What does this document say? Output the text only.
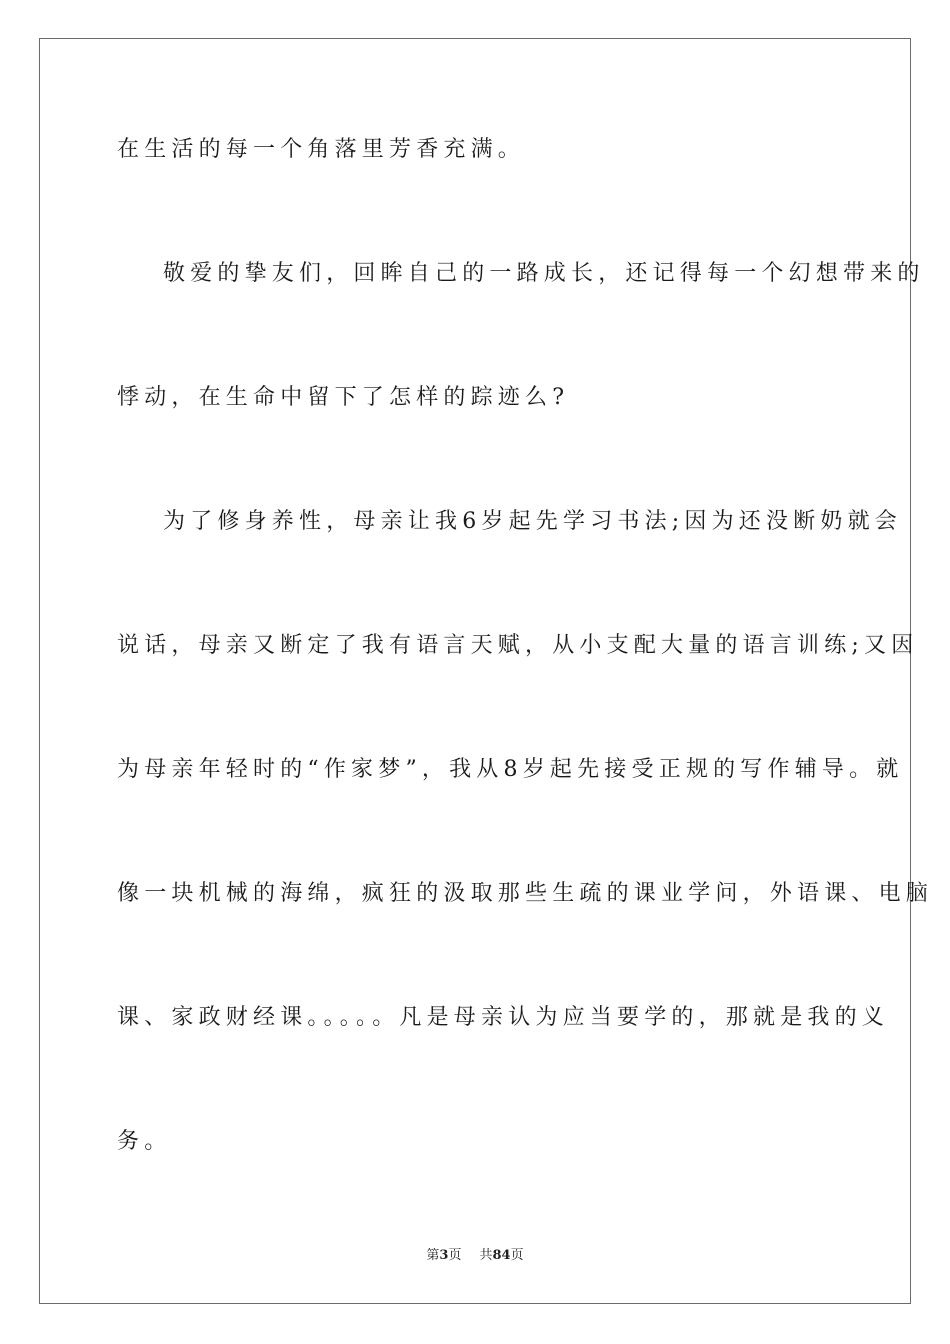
在生活的每一个角落里芳香充满。
敬爱的挚友们，回眸自己的一路成长，还记得每一个幻想带来的
悸动，在生命中留下了怎样的踪迹么?
为了修身养性，母亲让我6岁起先学习书法;因为还没断奶就会
说话，母亲又断定了我有语言天赋，从小支配大量的语言训练;又因
为母亲年轻时的“作家梦”，我从8岁起先接受正规的写作辅导。就
像一块机械的海绵，疯狂的汲取那些生疏的课业学问，外语课、电脑
课、家政财经课。。。。。凡是母亲认为应当要学的，那就是我的义
务。
第3页 共84页
